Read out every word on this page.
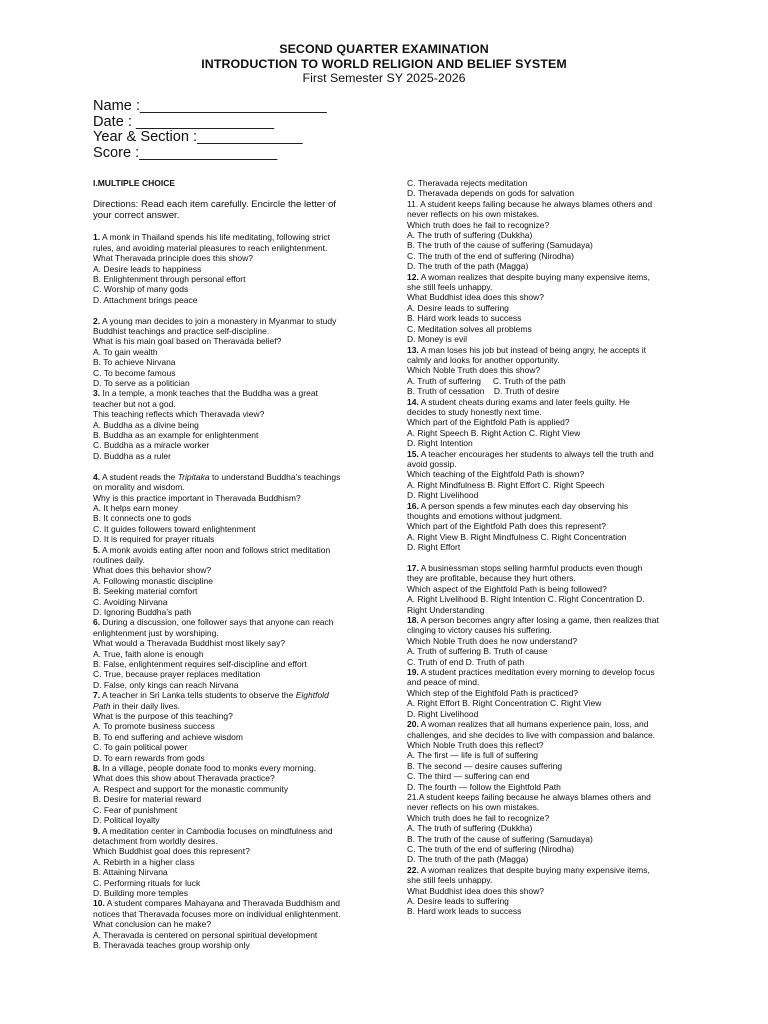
SECOND QUARTER EXAMINATION
INTRODUCTION TO WORLD RELIGION AND BELIEF SYSTEM
First Semester SY 2025-2026
Name :_______________________
Date : _________________
Year & Section :_____________
Score :_________________
I.MULTIPLE CHOICE
Directions: Read each item carefully. Encircle the letter of
your correct answer.
1. A monk in Thailand spends his life meditating, following strict
rules, and avoiding material pleasures to reach enlightenment.
What Theravada principle does this show?
A. Desire leads to happiness
B. Enlightenment through personal effort
C. Worship of many gods
D. Attachment brings peace
2. A young man decides to join a monastery in Myanmar to study
Buddhist teachings and practice self-discipline.
What is his main goal based on Theravada belief?
A. To gain wealth
B. To achieve Nirvana
C. To become famous
D. To serve as a politician
3. In a temple, a monk teaches that the Buddha was a great
teacher but not a god.
This teaching reflects which Theravada view?
A. Buddha as a divine being
B. Buddha as an example for enlightenment
C. Buddha as a miracle worker
D. Buddha as a ruler
4. A student reads the Tripitaka to understand Buddha’s teachings
on morality and wisdom.
Why is this practice important in Theravada Buddhism?
A. It helps earn money
B. It connects one to gods
C. It guides followers toward enlightenment
D. It is required for prayer rituals
5. A monk avoids eating after noon and follows strict meditation
routines daily.
What does this behavior show?
A. Following monastic discipline
B. Seeking material comfort
C. Avoiding Nirvana
D. Ignoring Buddha’s path
6. During a discussion, one follower says that anyone can reach
enlightenment just by worshiping.
What would a Theravada Buddhist most likely say?
A. True, faith alone is enough
B. False, enlightenment requires self-discipline and effort
C. True, because prayer replaces meditation
D. False, only kings can reach Nirvana
7. A teacher in Sri Lanka tells students to observe the Eightfold
Path in their daily lives.
What is the purpose of this teaching?
A. To promote business success
B. To end suffering and achieve wisdom
C. To gain political power
D. To earn rewards from gods
8. In a village, people donate food to monks every morning.
What does this show about Theravada practice?
A. Respect and support for the monastic community
B. Desire for material reward
C. Fear of punishment
D. Political loyalty
9. A meditation center in Cambodia focuses on mindfulness and
detachment from worldly desires.
Which Buddhist goal does this represent?
A. Rebirth in a higher class
B. Attaining Nirvana
C. Performing rituals for luck
D. Building more temples
10. A student compares Mahayana and Theravada Buddhism and
notices that Theravada focuses more on individual enlightenment.
What conclusion can he make?
A. Theravada is centered on personal spiritual development
B. Theravada teaches group worship only
C. Theravada rejects meditation
D. Theravada depends on gods for salvation
11. A student keeps failing because he always blames others and
never reflects on his own mistakes.
Which truth does he fail to recognize?
A. The truth of suffering (Dukkha)
B. The truth of the cause of suffering (Samudaya)
C. The truth of the end of suffering (Nirodha)
D. The truth of the path (Magga)
12. A woman realizes that despite buying many expensive items,
she still feels unhappy.
What Buddhist idea does this show?
A. Desire leads to suffering
B. Hard work leads to success
C. Meditation solves all problems
D. Money is evil
13. A man loses his job but instead of being angry, he accepts it
calmly and looks for another opportunity.
Which Noble Truth does this show?
A. Truth of suffering     C. Truth of the path
B. Truth of cessation    D. Truth of desire
14. A student cheats during exams and later feels guilty. He
decides to study honestly next time.
Which part of the Eightfold Path is applied?
A. Right Speech B. Right Action C. Right View
D. Right Intention
15. A teacher encourages her students to always tell the truth and
avoid gossip.
Which teaching of the Eightfold Path is shown?
A. Right Mindfulness B. Right Effort C. Right Speech
D. Right Livelihood
16. A person spends a few minutes each day observing his
thoughts and emotions without judgment.
Which part of the Eightfold Path does this represent?
A. Right View B. Right Mindfulness C. Right Concentration
D. Right Effort
17. A businessman stops selling harmful products even though
they are profitable, because they hurt others.
Which aspect of the Eightfold Path is being followed?
A. Right Livelihood B. Right Intention C. Right Concentration D.
Right Understanding
18. A person becomes angry after losing a game, then realizes that
clinging to victory causes his suffering.
Which Noble Truth does he now understand?
A. Truth of suffering B. Truth of cause
C. Truth of end D. Truth of path
19. A student practices meditation every morning to develop focus
and peace of mind.
Which step of the Eightfold Path is practiced?
A. Right Effort B. Right Concentration C. Right View
D. Right Livelihood
20. A woman realizes that all humans experience pain, loss, and
challenges, and she decides to live with compassion and balance.
Which Noble Truth does this reflect?
A. The first — life is full of suffering
B. The second — desire causes suffering
C. The third — suffering can end
D. The fourth — follow the Eightfold Path
21.A student keeps failing because he always blames others and
never reflects on his own mistakes.
Which truth does he fail to recognize?
A. The truth of suffering (Dukkha)
B. The truth of the cause of suffering (Samudaya)
C. The truth of the end of suffering (Nirodha)
D. The truth of the path (Magga)
22. A woman realizes that despite buying many expensive items,
she still feels unhappy.
What Buddhist idea does this show?
A. Desire leads to suffering
B. Hard work leads to success
